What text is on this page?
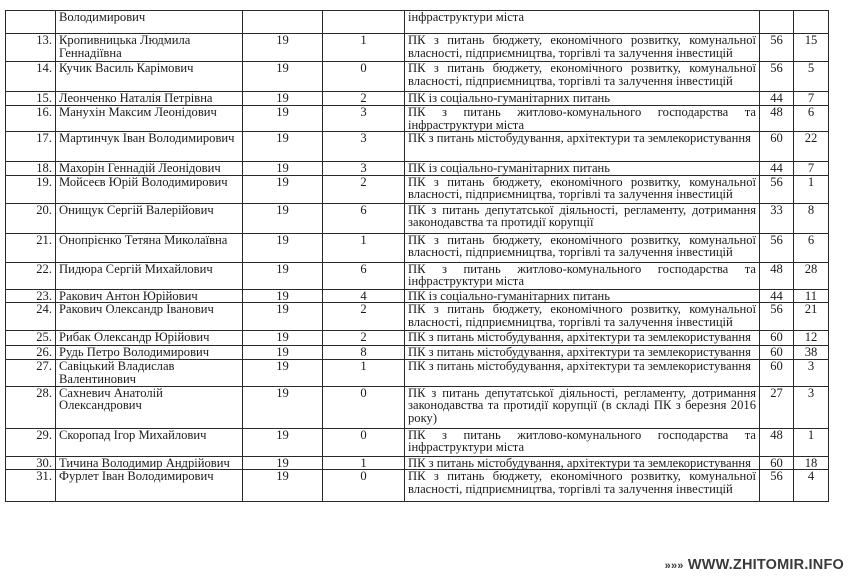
	Володимирович			інфраструктури міста		
13.	Кропивницька Людмила Геннадіївна	19	1	ПК з питань бюджету, економічного розвитку, комунальної власності, підприємництва, торгівлі та залучення інвестицій	56	15
14.	Кучик Василь Карімович	19	0	ПК з питань бюджету, економічного розвитку, комунальної власності, підприємництва, торгівлі та залучення інвестицій	56	5
15.	Леонченко Наталія Петрівна	19	2	ПК із соціально-гуманітарних питань	44	7
16.	Манухін Максим Леонідович	19	3	ПК з питань житлово-комунального господарства та інфраструктури міста	48	6
17.	Мартинчук Іван Володимирович	19	3	ПК з питань містобудування, архітектури та землекористування	60	22
18.	Махорін Геннадій Леонідович	19	3	ПК із соціально-гуманітарних питань	44	7
19.	Мойсеєв Юрій Володимирович	19	2	ПК з питань бюджету, економічного розвитку, комунальної власності, підприємництва, торгівлі та залучення інвестицій	56	1
20.	Онищук Сергій Валерійович	19	6	ПК з питань депутатської діяльності, регламенту, дотримання законодавства та протидії корупції	33	8
21.	Онопрієнко Тетяна Миколаївна	19	1	ПК з питань бюджету, економічного розвитку, комунальної власності, підприємництва, торгівлі та залучення інвестицій	56	6
22.	Пидюра Сергій Михайлович	19	6	ПК з питань житлово-комунального господарства та інфраструктури міста	48	28
23.	Ракович Антон Юрійович	19	4	ПК із соціально-гуманітарних питань	44	11
24.	Ракович Олександр Іванович	19	2	ПК з питань бюджету, економічного розвитку, комунальної власності, підприємництва, торгівлі та залучення інвестицій	56	21
25.	Рибак Олександр Юрійович	19	2	ПК з питань містобудування, архітектури та землекористування	60	12
26.	Рудь Петро Володимирович	19	8	ПК з питань містобудування, архітектури та землекористування	60	38
27.	Савіцький Владислав Валентинович	19	1	ПК з питань містобудування, архітектури та землекористування	60	3
28.	Сахневич Анатолій Олександрович	19	0	ПК з питань депутатської діяльності, регламенту, дотримання законодавства та протидії корупції (в складі ПК з березня 2016 року)	27	3
29.	Скоропад Ігор Михайлович	19	0	ПК з питань житлово-комунального господарства та інфраструктури міста	48	1
30.	Тичина Володимир Андрійович	19	1	ПК з питань містобудування, архітектури та землекористування	60	18
31.	Фурлет Іван Володимирович	19	0	ПК з питань бюджету, економічного розвитку, комунальної власності, підприємництва, торгівлі та залучення інвестицій	56	4
»»» WWW.ZHITOMIR.INFO
